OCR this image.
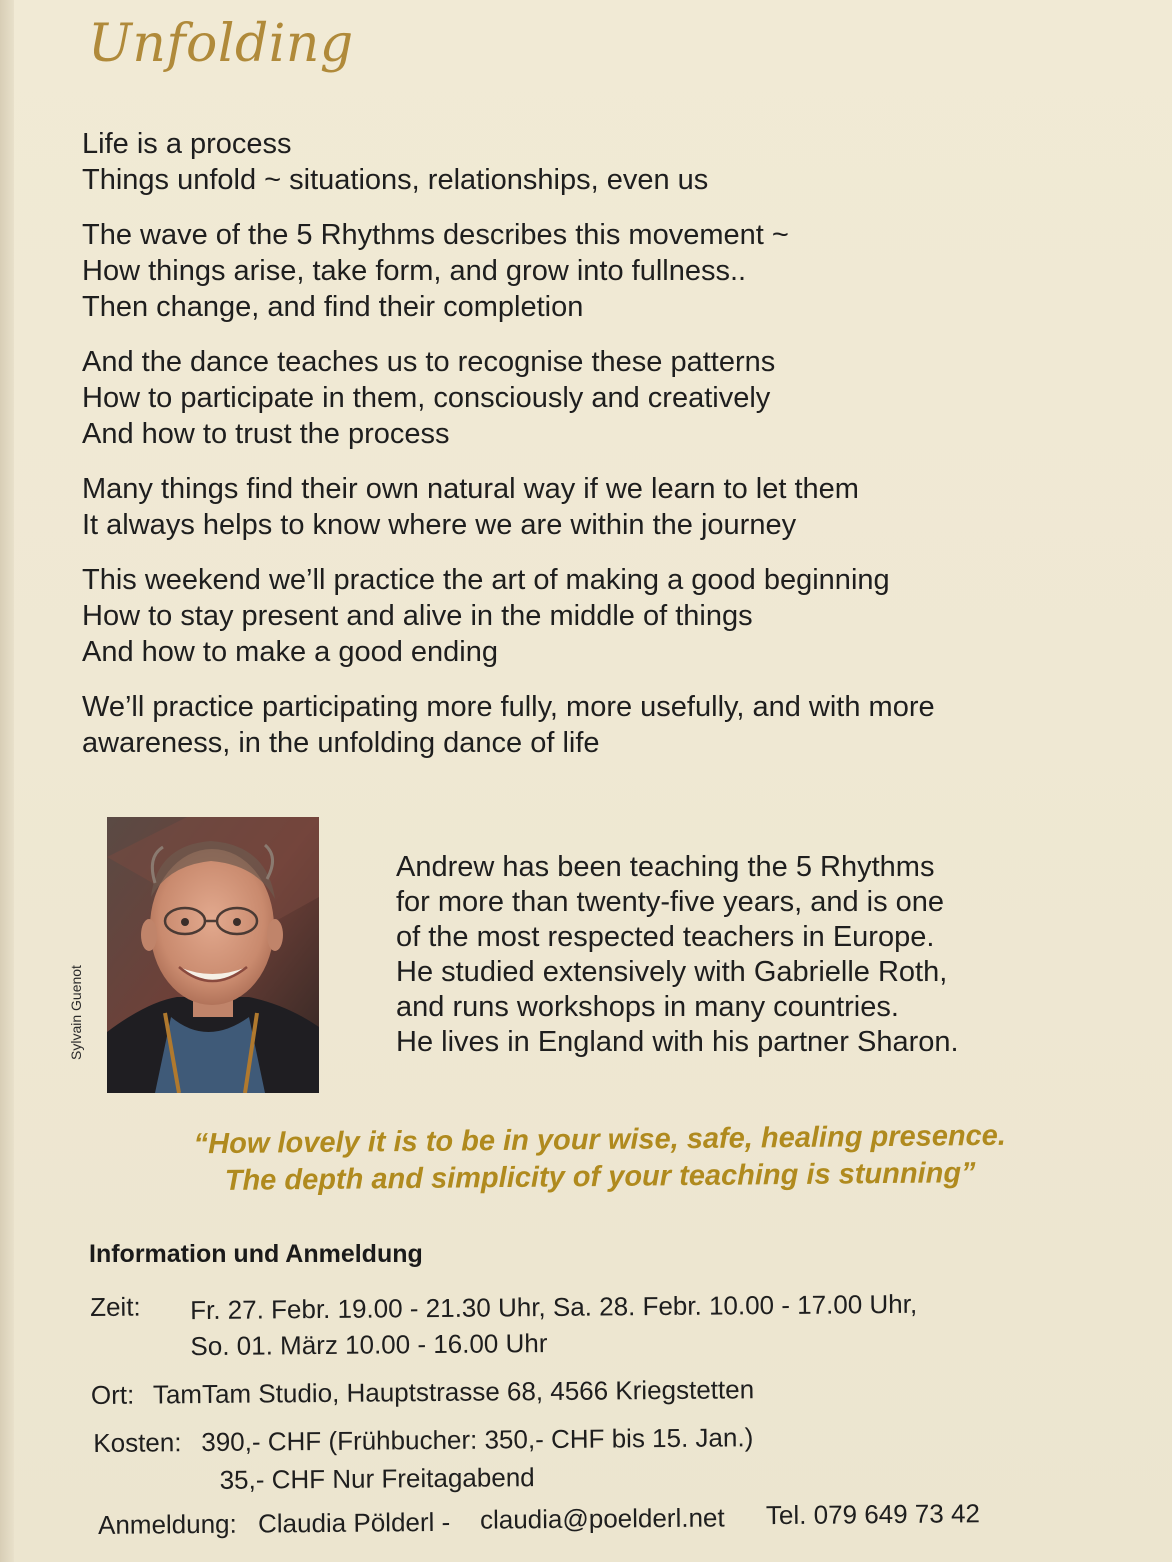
Unfolding
Life is a process
Things unfold ~ situations, relationships, even us
The wave of the 5 Rhythms describes this movement ~
How things arise, take form, and grow into fullness..
Then change, and find their completion
And the dance teaches us to recognise these patterns
How to participate in them, consciously and creatively
And how to trust the process
Many things find their own natural way if we learn to let them
It always helps to know where we are within the journey
This weekend we’ll practice the art of making a good beginning
How to stay present and alive in the middle of things
And how to make a good ending
We’ll practice participating more fully, more usefully, and with more
awareness, in the unfolding dance of life
Sylvain Guenot
Andrew has been teaching the 5 Rhythms
for more than twenty-five years, and is one
of the most respected teachers in Europe.
He studied extensively with Gabrielle Roth,
and runs workshops in many countries.
He lives in England with his partner Sharon.
“How lovely it is to be in your wise, safe, healing presence.
The depth and simplicity of your teaching is stunning”
Information und Anmeldung
Zeit: Fr. 27. Febr. 19.00 - 21.30 Uhr, Sa. 28. Febr. 10.00 - 17.00 Uhr,
So. 01. März 10.00 - 16.00 Uhr
Ort: TamTam Studio, Hauptstrasse 68, 4566 Kriegstetten
Kosten: 390,- CHF (Frühbucher: 350,- CHF bis 15. Jan.)
35,- CHF Nur Freitagabend
Anmeldung: Claudia Pölderl - claudia@poelderl.net Tel. 079 649 73 42
